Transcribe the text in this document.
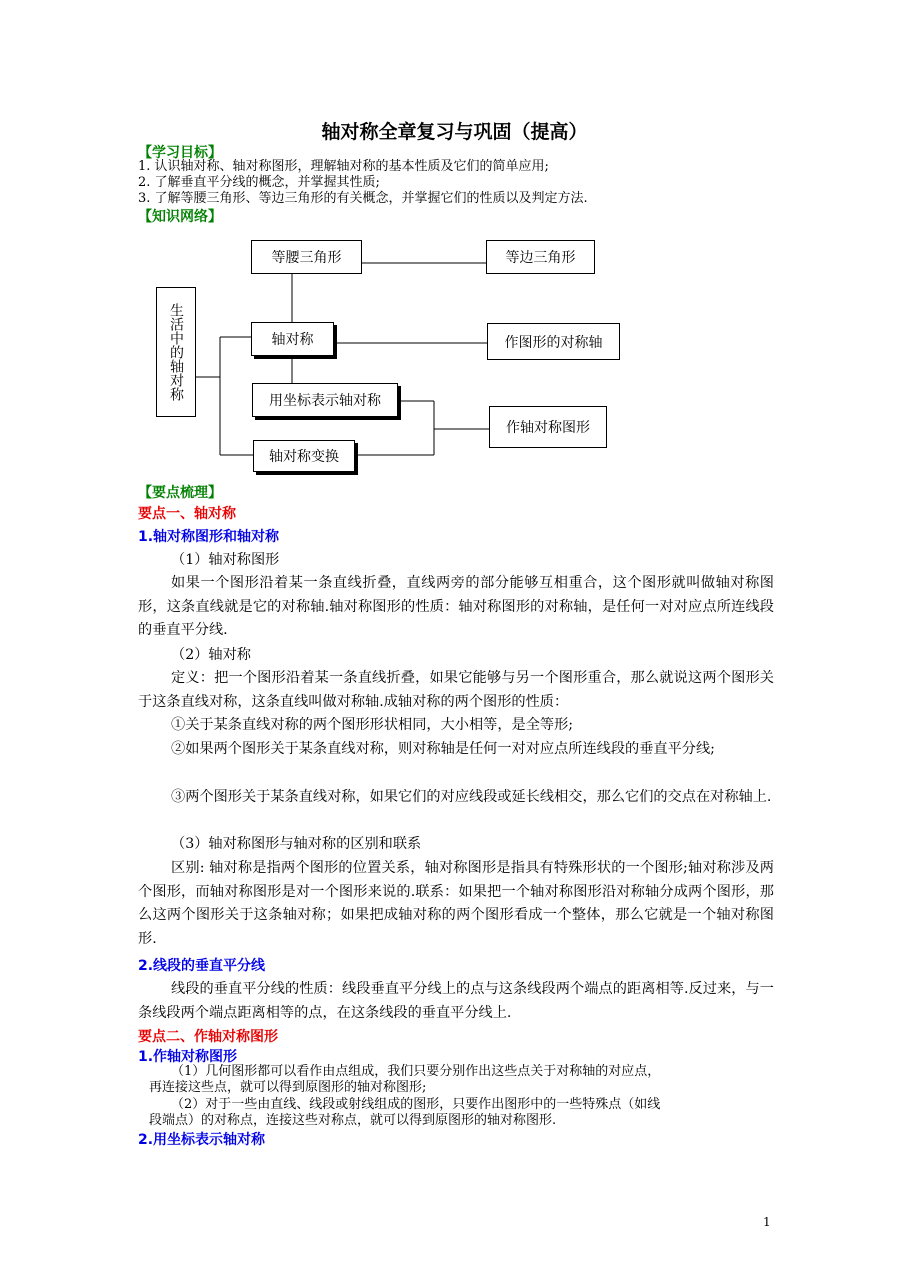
轴对称全章复习与巩固（提高）
【学习目标】
1. 认识轴对称、轴对称图形，理解轴对称的基本性质及它们的简单应用;
2. 了解垂直平分线的概念，并掌握其性质;
3. 了解等腰三角形、等边三角形的有关概念，并掌握它们的性质以及判定方法.
【知识网络】
等腰三角形	等边三角形
生活中的轴对称	轴对称	作图形的对称轴
用坐标表示轴对称
作轴对称图形
轴对称变换
【要点梳理】
要点一、轴对称
1.轴对称图形和轴对称
（1）轴对称图形
如果一个图形沿着某一条直线折叠，直线两旁的部分能够互相重合，这个图形就叫做轴对称图形，这条直线就是它的对称轴.轴对称图形的性质：轴对称图形的对称轴，是任何一对对应点所连线段的垂直平分线.
（2）轴对称
定义：把一个图形沿着某一条直线折叠，如果它能够与另一个图形重合，那么就说这两个图形关于这条直线对称，这条直线叫做对称轴.成轴对称的两个图形的性质：
①关于某条直线对称的两个图形形状相同，大小相等，是全等形;
②如果两个图形关于某条直线对称，则对称轴是任何一对对应点所连线段的垂直平分线;
③两个图形关于某条直线对称，如果它们的对应线段或延长线相交，那么它们的交点在对称轴上.
（3）轴对称图形与轴对称的区别和联系
区别: 轴对称是指两个图形的位置关系，轴对称图形是指具有特殊形状的一个图形;轴对称涉及两个图形，而轴对称图形是对一个图形来说的.联系：如果把一个轴对称图形沿对称轴分成两个图形，那么这两个图形关于这条轴对称；如果把成轴对称的两个图形看成一个整体，那么它就是一个轴对称图形.
2.线段的垂直平分线
线段的垂直平分线的性质：线段垂直平分线上的点与这条线段两个端点的距离相等.反过来，与一条线段两个端点距离相等的点，在这条线段的垂直平分线上.
要点二、作轴对称图形
1.作轴对称图形
（1）几何图形都可以看作由点组成，我们只要分别作出这些点关于对称轴的对应点，
再连接这些点，就可以得到原图形的轴对称图形;
（2）对于一些由直线、线段或射线组成的图形，只要作出图形中的一些特殊点（如线
段端点）的对称点，连接这些对称点，就可以得到原图形的轴对称图形.
2.用坐标表示轴对称
1
